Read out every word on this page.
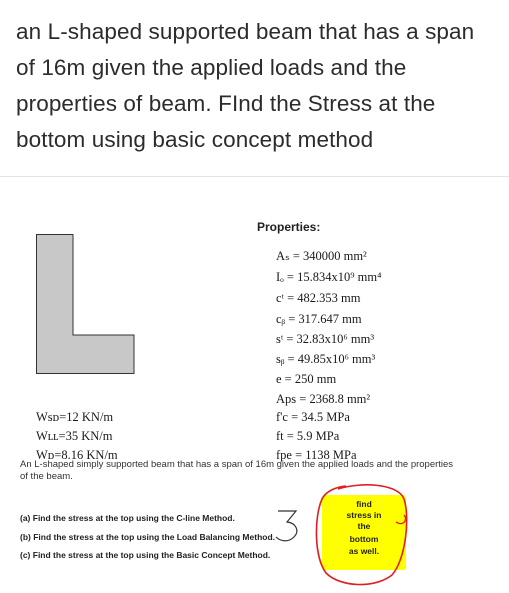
an L-shaped supported beam that has a span of 16m given the applied loads and the properties of beam. FInd the Stress at the bottom using basic concept method
Properties:
Aₛ = 340000 mm²
Iₒ = 15.834x10⁹ mm⁴
cᵗ = 482.353 mm
cᵦ = 317.647 mm
sᵗ = 32.83x10⁶ mm³
sᵦ = 49.85x10⁶ mm³
e = 250 mm
Aps = 2368.8 mm²
f'c = 34.5 MPa
ft = 5.9 MPa
fpe = 1138 MPa
Wsᴅ=12 KN/m
Wʟʟ=35 KN/m
Wᴅ=8.16 KN/m
An L-shaped simply supported beam that has a span of 16m given the applied loads and the properties of the beam.
(a) Find the stress at the top using the C-line Method.
(b) Find the stress at the top using the Load Balancing Method.
(c) Find the stress at the top using the Basic Concept Method.
find
stress in
the
bottom
as well.
